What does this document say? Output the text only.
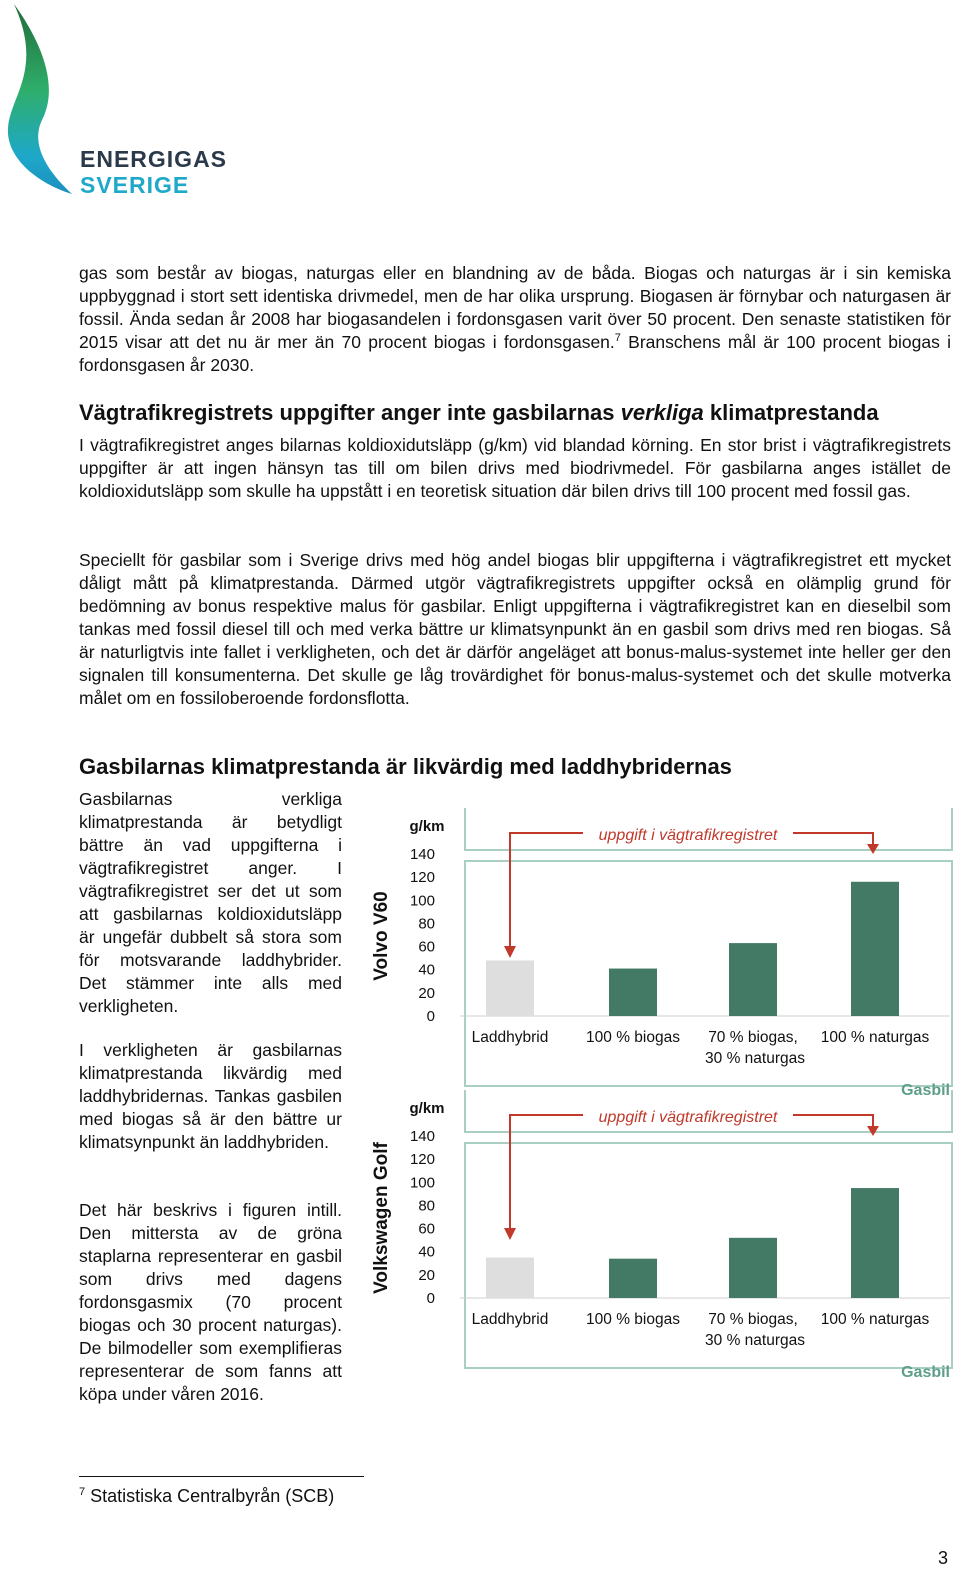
ENERGIGAS
SVERIGE

gas som består av biogas, naturgas eller en blandning av de båda. Biogas och naturgas är i sin kemiska uppbyggnad i stort sett identiska drivmedel, men de har olika ursprung. Biogasen är förnybar och naturgasen är fossil. Ända sedan år 2008 har biogasandelen i fordonsgasen varit över 50 procent. Den senaste statistiken för 2015 visar att det nu är mer än 70 procent biogas i fordonsgasen.$^7$ Branschens mål är 100 procent biogas i fordonsgasen år 2030.

Vägtrafikregistrets uppgifter anger inte gasbilarnas verkliga klimatprestanda

I vägtrafikregistret anges bilarnas koldioxidutsläpp (g/km) vid blandad körning. En stor brist i vägtrafikregistrets uppgifter är att ingen hänsyn tas till om bilen drivs med biodrivmedel. För gasbilarna anges istället de koldioxidutsläpp som skulle ha uppstått i en teoretisk situation där bilen drivs till 100 procent med fossil gas.

Speciellt för gasbilar som i Sverige drivs med hög andel biogas blir uppgifterna i vägtrafikregistret ett mycket dåligt mått på klimatprestanda. Därmed utgör vägtrafikregistrets uppgifter också en olämplig grund för bedömning av bonus respektive malus för gasbilar. Enligt uppgifterna i vägtrafikregistret kan en dieselbil som tankas med fossil diesel till och med verka bättre ur klimatsynpunkt än en gasbil som drivs med ren biogas. Så är naturligtvis inte fallet i verkligheten, och det är därför angeläget att bonus-malus-systemet inte heller ger den signalen till konsumenterna. Det skulle ge låg trovärdighet för bonus-malus-systemet och det skulle motverka målet om en fossiloberoende fordonsflotta.

Gasbilarnas klimatprestanda är likvärdig med laddhybridernas

Gasbilarnas verkliga klimatprestanda är betydligt bättre än vad uppgifterna i vägtrafikregistret anger. I vägtrafikregistret ser det ut som att gasbilarnas koldioxidutsläpp är ungefär dubbelt så stora som för motsvarande laddhybrider. Det stämmer inte alls med verkligheten.

I verkligheten är gasbilarnas klimatprestanda likvärdig med laddhybridernas. Tankas gasbilen med biogas så är den bättre ur klimatsynpunkt än laddhybriden.

Det här beskrivs i figuren intill. Den mittersta av de gröna staplarna representerar en gasbil som drivs med dagens fordonsgasmix (70 procent biogas och 30 procent naturgas). De bilmodeller som exemplifieras representerar de som fanns att köpa under våren 2016.

Volvo V60
g/km
140
120
100
80
60
40
20
0
Laddhybrid 100 % biogas 70 % biogas,
30 % naturgas
100 % naturgas
uppgift i vägtrafikregistret
Gasbil
Volkswagen Golf
g/km
140
120
100
80
60
40
20
0
Laddhybrid 100 % biogas 70 % biogas,
30 % naturgas
100 % naturgas
uppgift i vägtrafikregistret
Gasbil
$^7$ Statistiska Centralbyrån (SCB)
3
